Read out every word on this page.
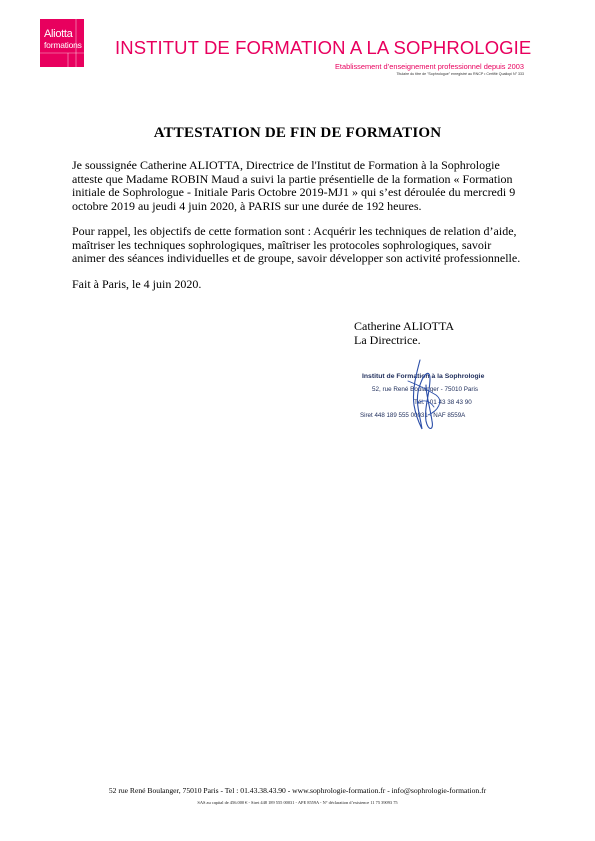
Aliotta
formations INSTITUT DE FORMATION A LA SOPHROLOGIE
Etablissement d’enseignement professionnel depuis 2003
Titulaire du titre de "Sophrologue" enregistré au RNCP • Certifié Qualiopi N° 333
ATTESTATION DE FIN DE FORMATION
Je soussignée Catherine ALIOTTA, Directrice de l'Institut de Formation à la Sophrologie atteste que Madame ROBIN Maud a suivi la partie présentielle de la formation « Formation initiale de Sophrologue - Initiale Paris Octobre 2019-MJ1 » qui s’est déroulée du mercredi 9 octobre 2019 au jeudi 4 juin 2020, à PARIS sur une durée de 192 heures.
Pour rappel, les objectifs de cette formation sont : Acquérir les techniques de relation d’aide, maîtriser les techniques sophrologiques, maîtriser les protocoles sophrologiques, savoir animer des séances individuelles et de groupe, savoir développer son activité professionnelle.
Fait à Paris, le 4 juin 2020.
Catherine ALIOTTA
La Directrice.
Institut de Formation à la Sophrologie
52, rue René Boulanger - 75010 Paris
Tél. : 01 43 38 43 90
Siret 448 189 555 00031 - NAF 8559A
52 rue René Boulanger, 75010 Paris - Tel : 01.43.38.43.90 - www.sophrologie-formation.fr - info@sophrologie-formation.fr
SAS au capital de 456.000 € - Siret 448 189 555 00031 - APE 8559A - N° déclaration d’existence 11 75 39093 75
